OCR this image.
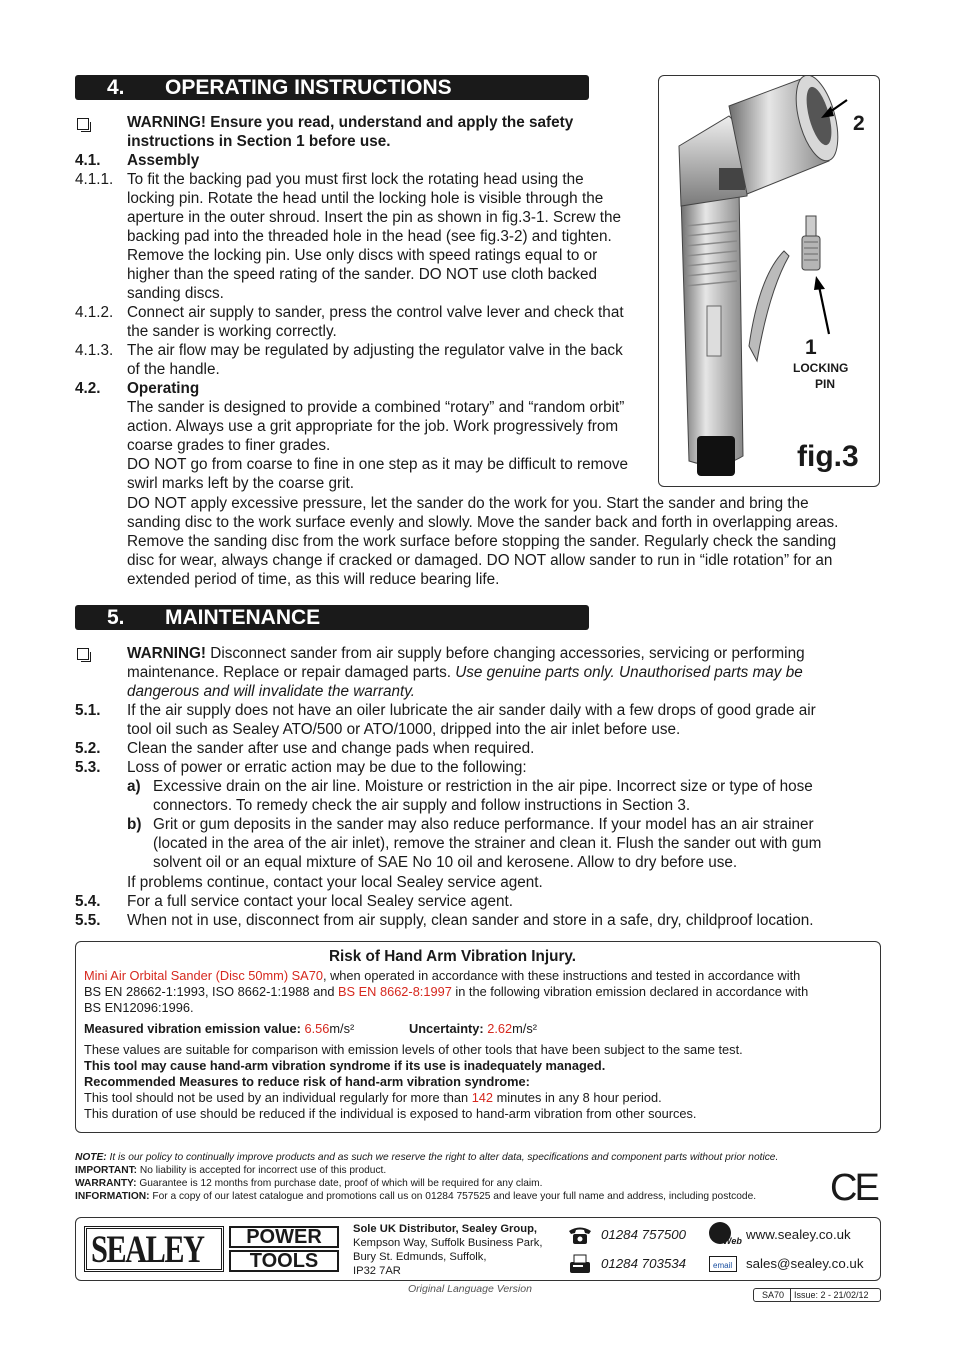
4. OPERATING INSTRUCTIONS
WARNING! Ensure you read, understand and apply the safety
instructions in Section 1 before use.
4.1. Assembly
4.1.1. To fit the backing pad you must first lock the rotating head using the
locking pin. Rotate the head until the locking hole is visible through the
aperture in the outer shroud. Insert the pin as shown in fig.3-1. Screw the
backing pad into the threaded hole in the head (see fig.3-2) and tighten.
Remove the locking pin. Use only discs with speed ratings equal to or
higher than the speed rating of the sander. DO NOT use cloth backed
sanding discs.
4.1.2. Connect air supply to sander, press the control valve lever and check that
the sander is working correctly.
4.1.3. The air flow may be regulated by adjusting the regulator valve in the back
of the handle.
4.2. Operating
The sander is designed to provide a combined “rotary” and “random orbit”
action. Always use a grit appropriate for the job. Work progressively from
coarse grades to finer grades.
DO NOT go from coarse to fine in one step as it may be difficult to remove
swirl marks left by the coarse grit.
DO NOT apply excessive pressure, let the sander do the work for you. Start the sander and bring the
sanding disc to the work surface evenly and slowly. Move the sander back and forth in overlapping areas.
Remove the sanding disc from the work surface before stopping the sander. Regularly check the sanding
disc for wear, always change if cracked or damaged. DO NOT allow sander to run in “idle rotation” for an
extended period of time, as this will reduce bearing life.
2
1
LOCKING
PIN
fig.3
5. MAINTENANCE
WARNING! Disconnect sander from air supply before changing accessories, servicing or performing
maintenance. Replace or repair damaged parts. Use genuine parts only. Unauthorised parts may be
dangerous and will invalidate the warranty.
5.1. If the air supply does not have an oiler lubricate the air sander daily with a few drops of good grade air
tool oil such as Sealey ATO/500 or ATO/1000, dripped into the air inlet before use.
5.2. Clean the sander after use and change pads when required.
5.3. Loss of power or erratic action may be due to the following:
a) Excessive drain on the air line. Moisture or restriction in the air pipe. Incorrect size or type of hose
connectors. To remedy check the air supply and follow instructions in Section 3.
b) Grit or gum deposits in the sander may also reduce performance. If your model has an air strainer
(located in the area of the air inlet), remove the strainer and clean it. Flush the sander out with gum
solvent oil or an equal mixture of SAE No 10 oil and kerosene. Allow to dry before use.
If problems continue, contact your local Sealey service agent.
5.4. For a full service contact your local Sealey service agent.
5.5. When not in use, disconnect from air supply, clean sander and store in a safe, dry, childproof location.
Risk of Hand Arm Vibration Injury.
Mini Air Orbital Sander (Disc 50mm) SA70, when operated in accordance with these instructions and tested in accordance with
BS EN 28662-1:1993, ISO 8662-1:1988 and BS EN 8662-8:1997 in the following vibration emission declared in accordance with
BS EN12096:1996.
Measured vibration emission value: 6.56m/s²	Uncertainty: 2.62m/s²
These values are suitable for comparison with emission levels of other tools that have been subject to the same test.
This tool may cause hand-arm vibration syndrome if its use is inadequately managed.
Recommended Measures to reduce risk of hand-arm vibration syndrome:
This tool should not be used by an individual regularly for more than 142 minutes in any 8 hour period.
This duration of use should be reduced if the individual is exposed to hand-arm vibration from other sources.
NOTE: It is our policy to continually improve products and as such we reserve the right to alter data, specifications and component parts without prior notice.
IMPORTANT: No liability is accepted for incorrect use of this product.
WARRANTY: Guarantee is 12 months from purchase date, proof of which will be required for any claim.
INFORMATION: For a copy of our latest catalogue and promotions call us on 01284 757525 and leave your full name and address, including postcode. CE
SEALEY	POWER
TOOLS
Sole UK Distributor, Sealey Group,
Kempson Way, Suffolk Business Park,
Bury St. Edmunds, Suffolk,
IP32 7AR
01284 757500
01284 703534
Web www.sealey.co.uk
email sales@sealey.co.uk
Original Language Version	SA70 Issue: 2 - 21/02/12
